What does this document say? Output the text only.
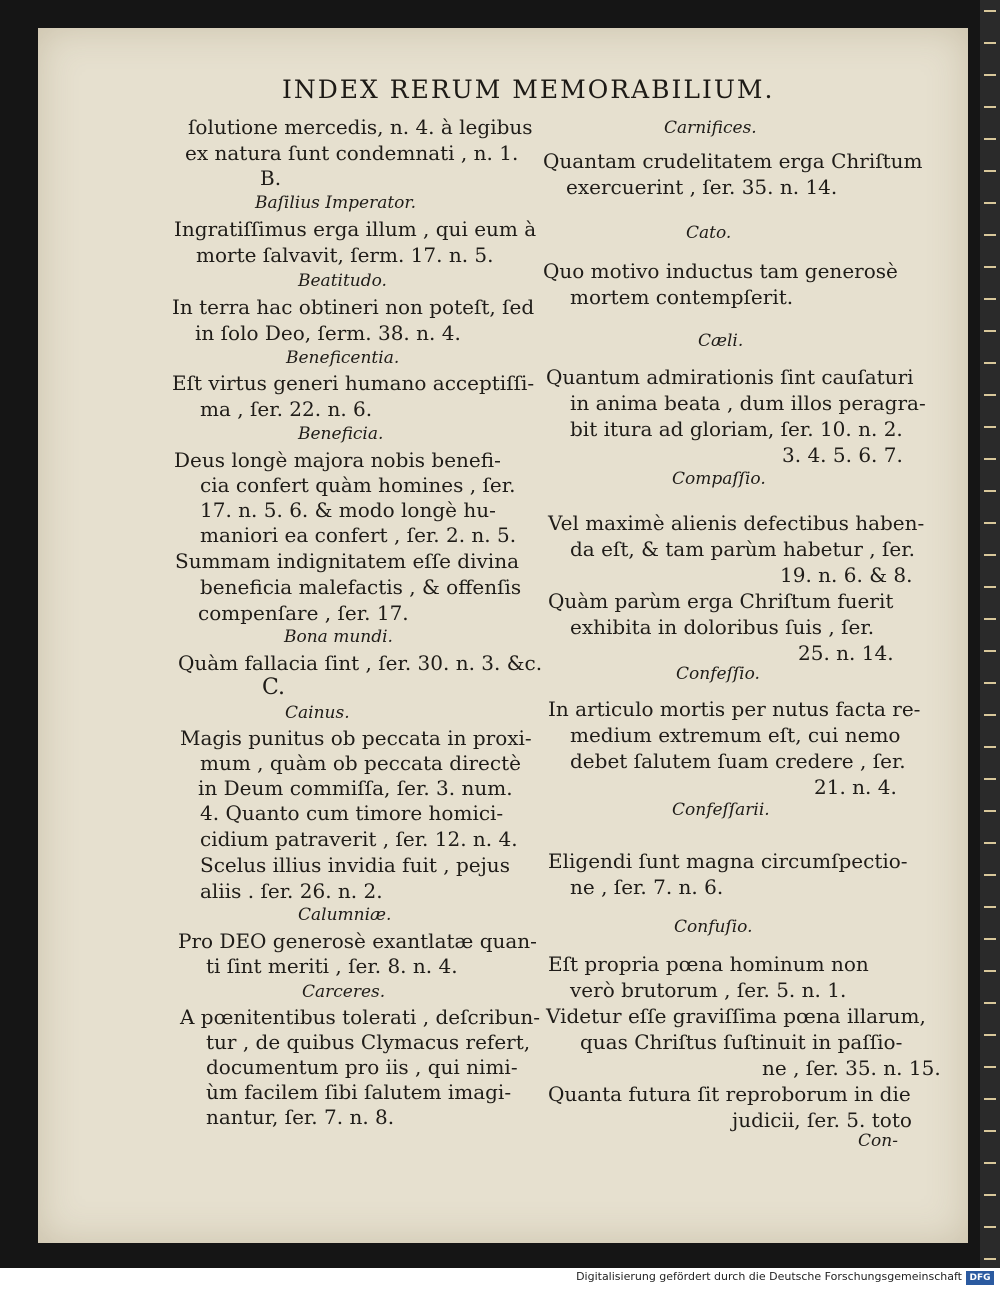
INDEX RERUM MEMORABILIUM.
ſolutione mercedis, n. 4. à legibus
ex natura ſunt condemnati , n. 1.
B.
Baſilius Imperator.
Ingratiſſimus erga illum , qui eum à
morte ſalvavit, ſerm. 17. n. 5.
Beatitudo.
In terra hac obtineri non poteſt, ſed
in ſolo Deo, ſerm. 38. n. 4.
Beneficentia.
Eſt virtus generi humano acceptiſſi-
ma , ſer. 22. n. 6.
Beneficia.
Deus longè majora nobis benefi-
cia confert quàm homines , ſer.
17. n. 5. 6. & modo longè hu-
maniori ea confert , ſer. 2. n. 5.
Summam indignitatem eſſe divina
beneficia malefactis , & offenſis
compenſare , ſer. 17.
Bona mundi.
Quàm fallacia ſint , ſer. 30. n. 3. &c.
C.
Cainus.
Magis punitus ob peccata in proxi-
mum , quàm ob peccata directè
in Deum commiſſa, ſer. 3. num.
4. Quanto cum timore homici-
cidium patraverit , ſer. 12. n. 4.
Scelus illius invidia fuit , pejus
aliis . ſer. 26. n. 2.
Calumniæ.
Pro DEO generosè exantlatæ quan-
ti ſint meriti , ſer. 8. n. 4.
Carceres.
A pœnitentibus tolerati , deſcribun-
tur , de quibus Clymacus refert,
documentum pro iis , qui nimi-
ùm facilem ſibi ſalutem imagi-
nantur, ſer. 7. n. 8.
Carnifices.
Quantam crudelitatem erga Chriſtum
exercuerint , ſer. 35. n. 14.
Cato.
Quo motivo inductus tam generosè
mortem contempſerit.
Cæli.
Quantum admirationis ſint cauſaturi
in anima beata , dum illos peragra-
bit itura ad gloriam, ſer. 10. n. 2.
3. 4. 5. 6. 7.
Compaſſio.
Vel maximè alienis defectibus haben-
da eſt, & tam parùm habetur , ſer.
19. n. 6. & 8.
Quàm parùm erga Chriſtum fuerit
exhibita in doloribus ſuis , ſer.
25. n. 14.
Confeſſio.
In articulo mortis per nutus facta re-
medium extremum eſt, cui nemo
debet ſalutem ſuam credere , ſer.
21. n. 4.
Confeſſarii.
Eligendi ſunt magna circumſpectio-
ne , ſer. 7. n. 6.
Confuſio.
Eſt propria pœna hominum non
verò brutorum , ſer. 5. n. 1.
Videtur eſſe graviſſima pœna illarum,
quas Chriſtus ſuſtinuit in paſſio-
ne , ſer. 35. n. 15.
Quanta futura ſit reproborum in die
judicii, ſer. 5. toto
Con-
Digitalisierung gefördert durch die Deutsche Forschungsgemeinschaft DFG
